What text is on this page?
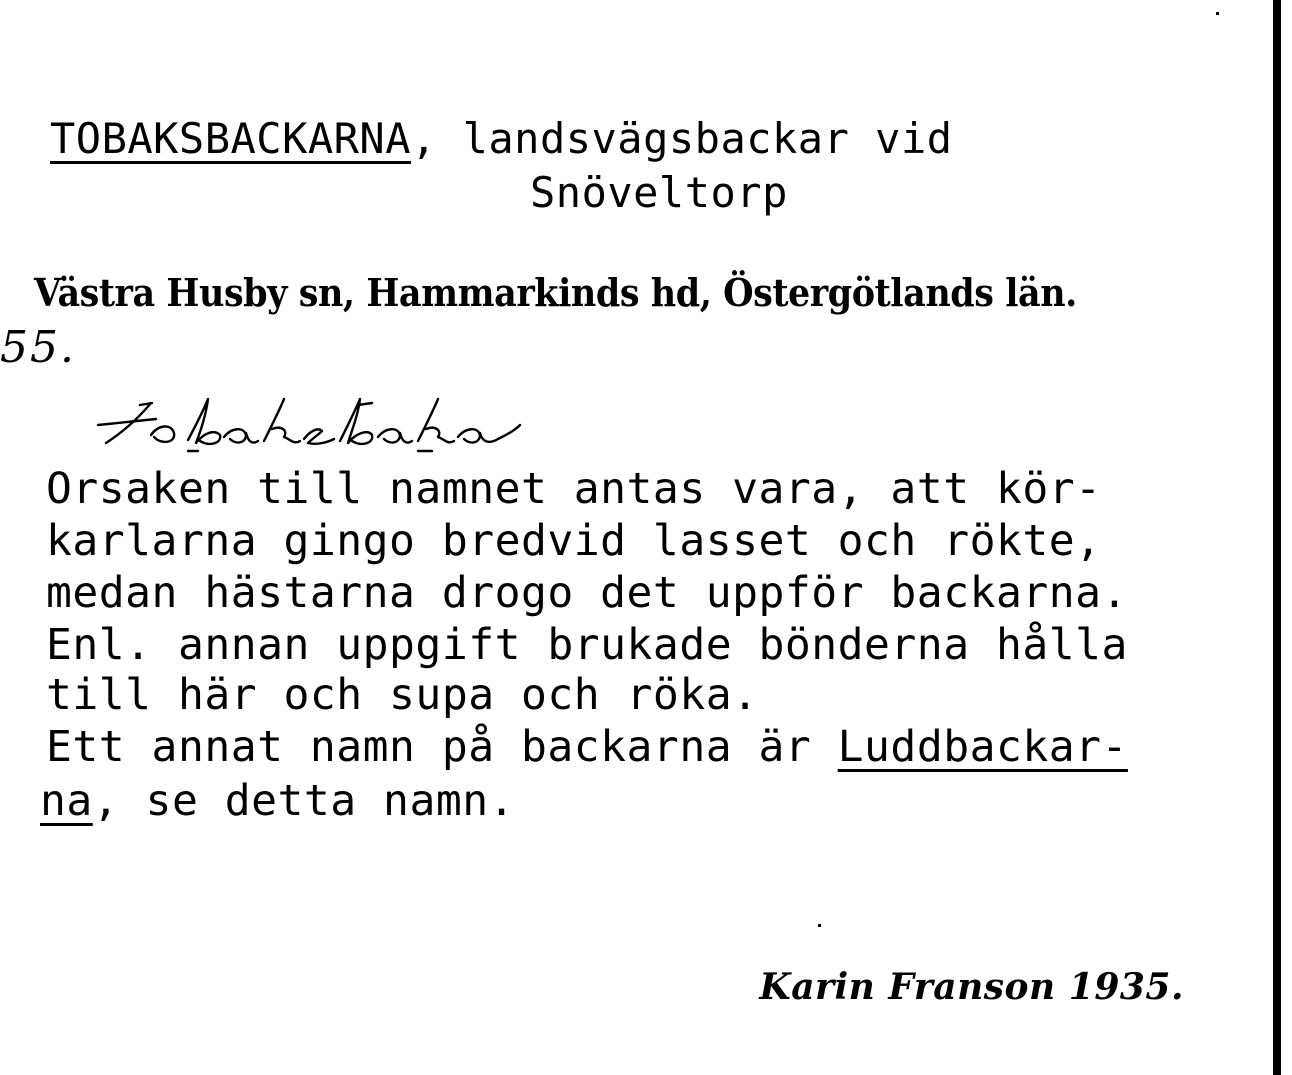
TOBAKSBACKARNA, landsvägsbackar vid
Snöveltorp
Västra Husby sn, Hammarkinds hd, Östergötlands län.
55.
Orsaken till namnet antas vara, att kör-
karlarna gingo bredvid lasset och rökte,
medan hästarna drogo det uppför backarna.
Enl. annan uppgift brukade bönderna hålla
till här och supa och röka.
Ett annat namn på backarna är Luddbackar-
na, se detta namn.
Karin Franson 1935.
